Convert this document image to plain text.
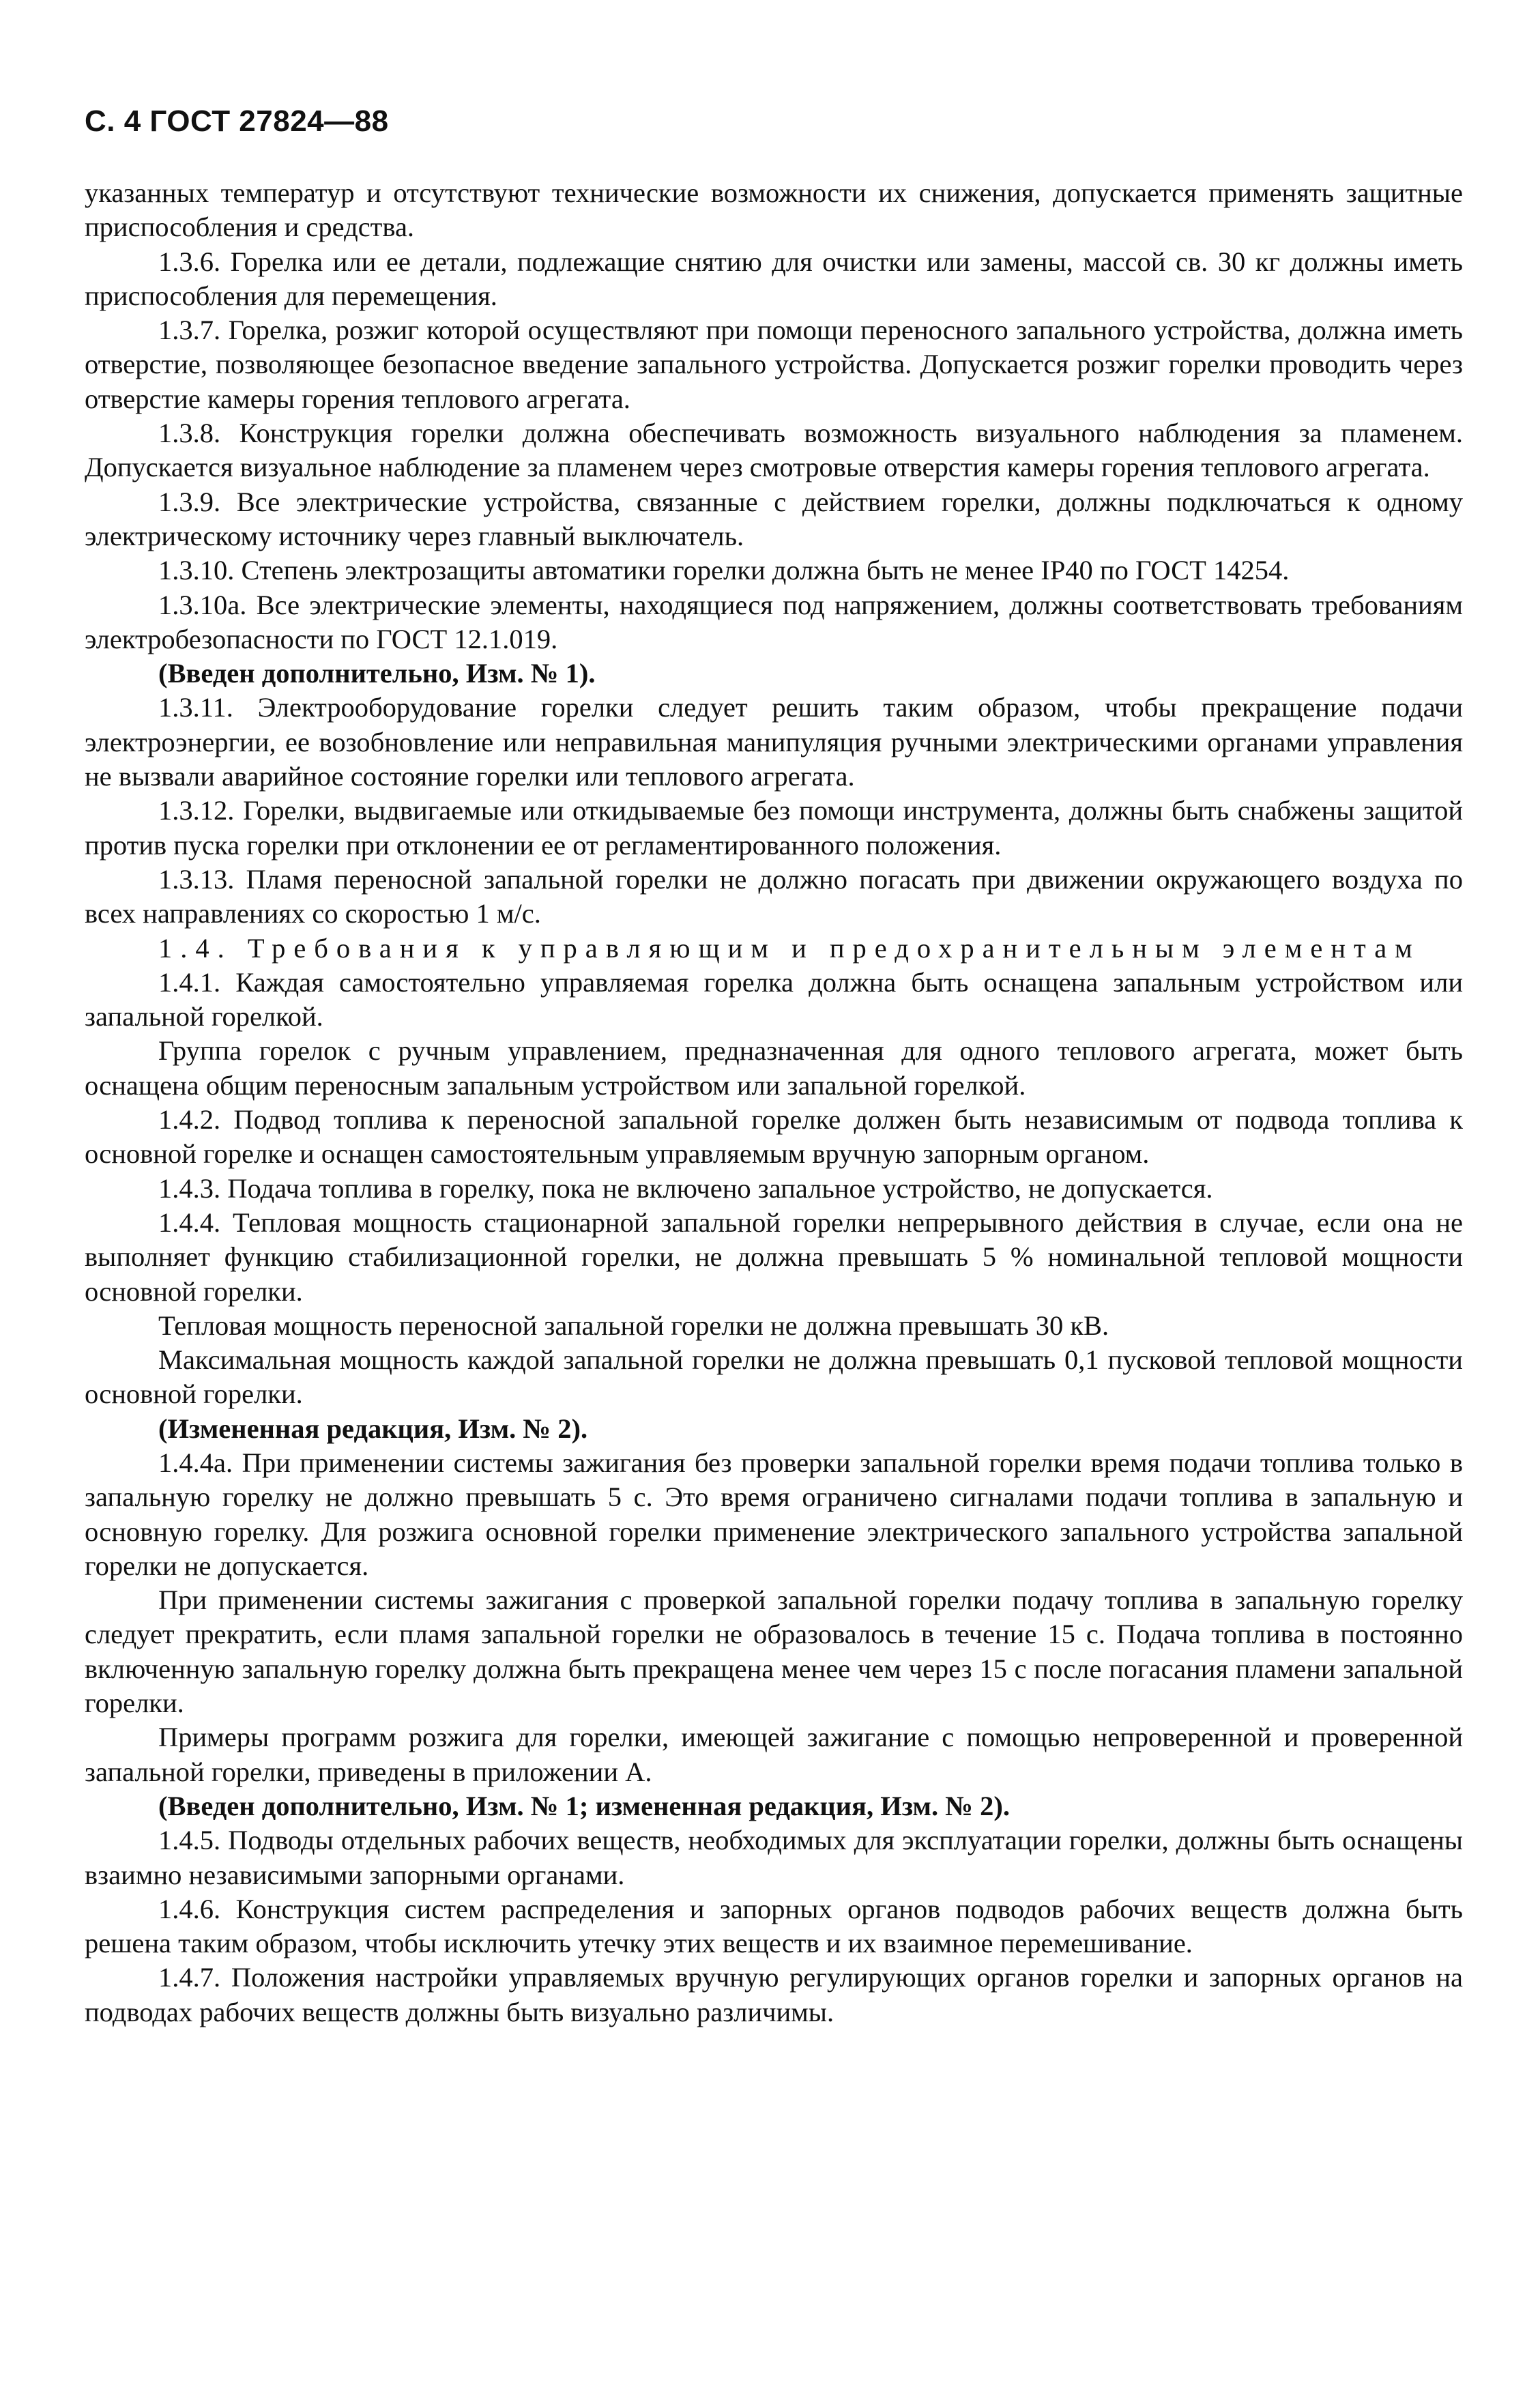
С. 4 ГОСТ 27824—88

указанных температур и отсутствуют технические возможности их снижения, допускается применять защитные приспособления и средства.

1.3.6. Горелка или ее детали, подлежащие снятию для очистки или замены, массой св. 30 кг должны иметь приспособления для перемещения.

1.3.7. Горелка, розжиг которой осуществляют при помощи переносного запального устройства, должна иметь отверстие, позволяющее безопасное введение запального устройства. Допускается розжиг горелки проводить через отверстие камеры горения теплового агрегата.

1.3.8. Конструкция горелки должна обеспечивать возможность визуального наблюдения за пламенем. Допускается визуальное наблюдение за пламенем через смотровые отверстия камеры горения теплового агрегата.

1.3.9. Все электрические устройства, связанные с действием горелки, должны подключаться к одному электрическому источнику через главный выключатель.

1.3.10. Степень электрозащиты автоматики горелки должна быть не менее IP40 по ГОСТ 14254.

1.3.10а. Все электрические элементы, находящиеся под напряжением, должны соответствовать требованиям электробезопасности по ГОСТ 12.1.019.

(Введен дополнительно, Изм. № 1).

1.3.11. Электрооборудование горелки следует решить таким образом, чтобы прекращение подачи электроэнергии, ее возобновление или неправильная манипуляция ручными электрическими органами управления не вызвали аварийное состояние горелки или теплового агрегата.

1.3.12. Горелки, выдвигаемые или откидываемые без помощи инструмента, должны быть снабжены защитой против пуска горелки при отклонении ее от регламентированного положения.

1.3.13. Пламя переносной запальной горелки не должно погасать при движении окружающего воздуха по всех направлениях со скоростью 1 м/с.

1.4. Требования к управляющим и предохранительным элементам

1.4.1. Каждая самостоятельно управляемая горелка должна быть оснащена запальным устройством или запальной горелкой.

Группа горелок с ручным управлением, предназначенная для одного теплового агрегата, может быть оснащена общим переносным запальным устройством или запальной горелкой.

1.4.2. Подвод топлива к переносной запальной горелке должен быть независимым от подвода топлива к основной горелке и оснащен самостоятельным управляемым вручную запорным органом.

1.4.3. Подача топлива в горелку, пока не включено запальное устройство, не допускается.

1.4.4. Тепловая мощность стационарной запальной горелки непрерывного действия в случае, если она не выполняет функцию стабилизационной горелки, не должна превышать 5 % номинальной тепловой мощности основной горелки.

Тепловая мощность переносной запальной горелки не должна превышать 30 кВ.

Максимальная мощность каждой запальной горелки не должна превышать 0,1 пусковой тепловой мощности основной горелки.

(Измененная редакция, Изм. № 2).

1.4.4а. При применении системы зажигания без проверки запальной горелки время подачи топлива только в запальную горелку не должно превышать 5 с. Это время ограничено сигналами подачи топлива в запальную и основную горелку. Для розжига основной горелки применение электрического запального устройства запальной горелки не допускается.

При применении системы зажигания с проверкой запальной горелки подачу топлива в запальную горелку следует прекратить, если пламя запальной горелки не образовалось в течение 15 с. Подача топлива в постоянно включенную запальную горелку должна быть прекращена менее чем через 15 с после погасания пламени запальной горелки.

Примеры программ розжига для горелки, имеющей зажигание с помощью непроверенной и проверенной запальной горелки, приведены в приложении А.

(Введен дополнительно, Изм. № 1; измененная редакция, Изм. № 2).

1.4.5. Подводы отдельных рабочих веществ, необходимых для эксплуатации горелки, должны быть оснащены взаимно независимыми запорными органами.

1.4.6. Конструкция систем распределения и запорных органов подводов рабочих веществ должна быть решена таким образом, чтобы исключить утечку этих веществ и их взаимное перемешивание.

1.4.7. Положения настройки управляемых вручную регулирующих органов горелки и запорных органов на подводах рабочих веществ должны быть визуально различимы.
